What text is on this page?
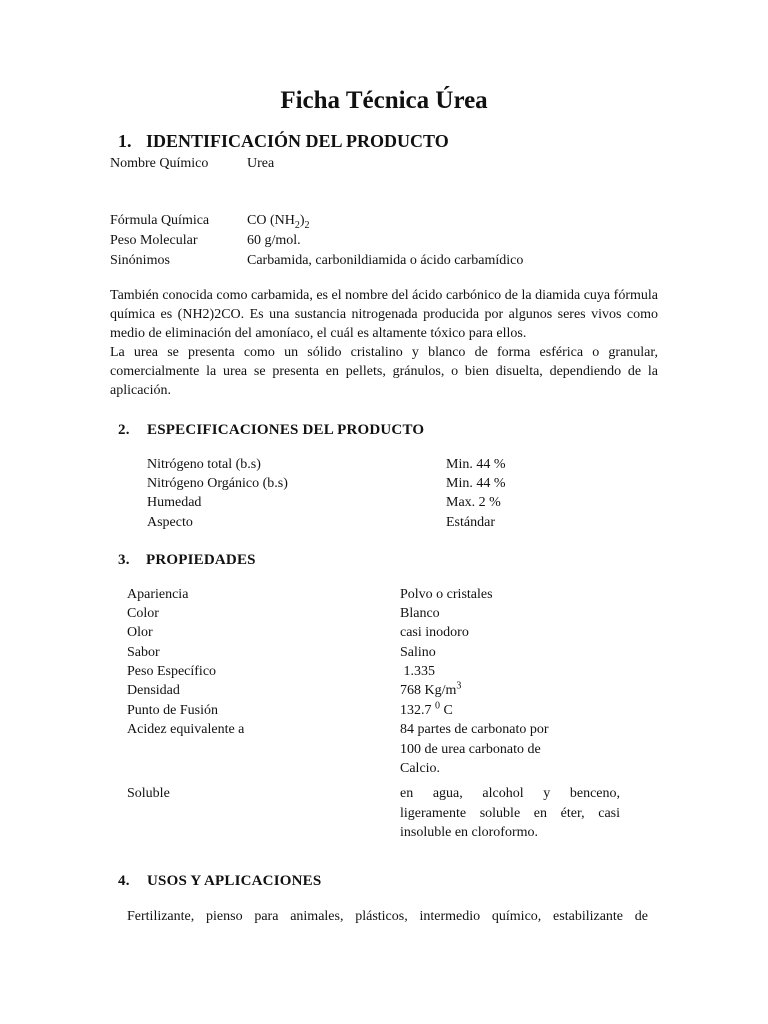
Ficha Técnica Úrea
1. IDENTIFICACIÓN DEL PRODUCTO
Nombre Químico	Urea
Fórmula Química	CO $(NH_2)_2$
Peso Molecular	60 g/mol.
Sinónimos	Carbamida, carbonildiamida o ácido carbamídico

También conocida como carbamida, es el nombre del ácido carbónico de la diamida cuya fórmula química es (NH2)2CO. Es una sustancia nitrogenada producida por algunos seres vivos como medio de eliminación del amoníaco, el cuál es altamente tóxico para ellos.

La urea se presenta como un sólido cristalino y blanco de forma esférica o granular, comercialmente la urea se presenta en pellets, gránulos, o bien disuelta, dependiendo de la aplicación.

2. ESPECIFICACIONES DEL PRODUCTO
Nitrógeno total (b.s)	Min. 44 %
Nitrógeno Orgánico (b.s)	Min. 44 %
Humedad	Max. 2 %
Aspecto	Estándar
3. PROPIEDADES
Apariencia	Polvo o cristales
Color	Blanco
Olor	casi inodoro
Sabor	Salino
Peso Específico	1.335
Densidad	768 $Kg/m^3$
Punto de Fusión	132.7 $^0$ C
Acidez equivalente a	84 partes de carbonato por
100 de urea carbonato de
Calcio.
Soluble	en agua, alcohol y benceno, ligeramente soluble en éter, casi insoluble en cloroformo.
4. USOS Y APLICACIONES
Fertilizante, pienso para animales, plásticos, intermedio químico, estabilizante de
